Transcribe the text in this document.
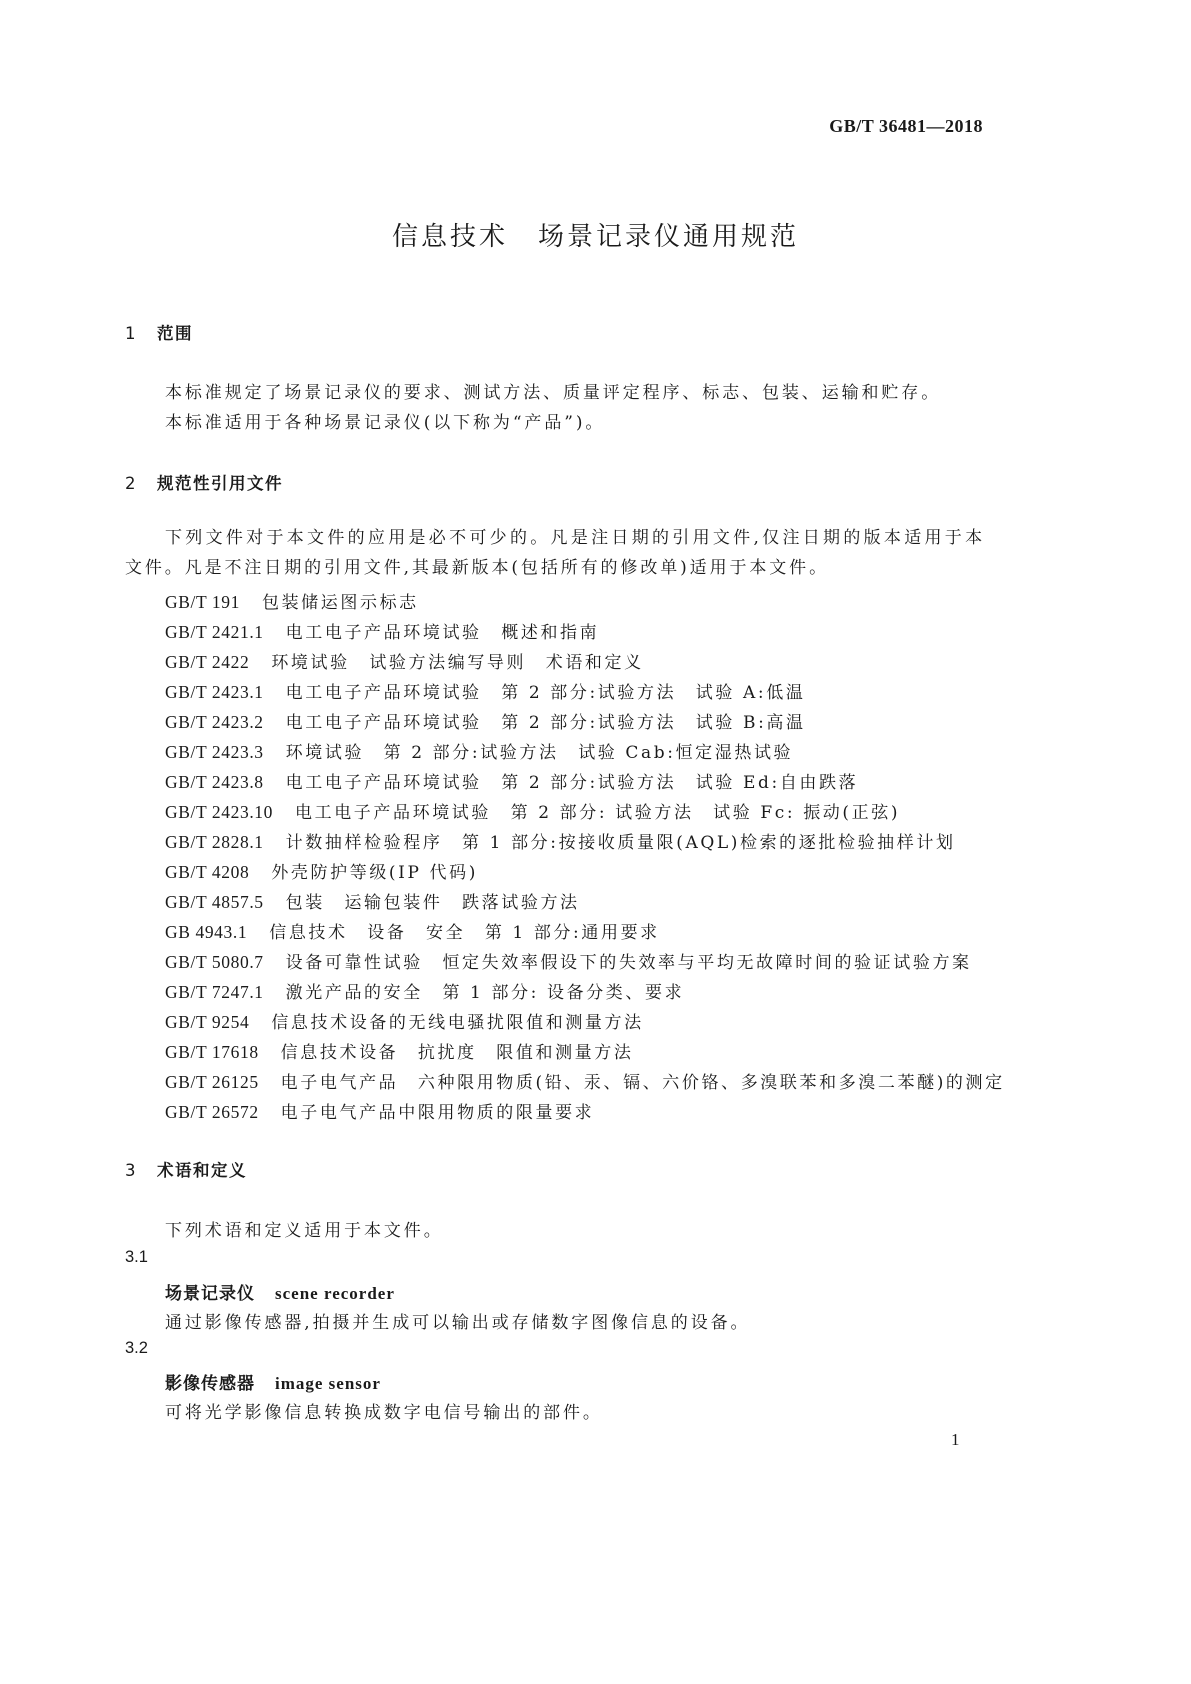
GB/T 36481—2018
信息技术 场景记录仪通用规范
1 范围
本标准规定了场景记录仪的要求、测试方法、质量评定程序、标志、包装、运输和贮存。
本标准适用于各种场景记录仪(以下称为“产品”)。
2 规范性引用文件
下列文件对于本文件的应用是必不可少的。凡是注日期的引用文件,仅注日期的版本适用于本文件。凡是不注日期的引用文件,其最新版本(包括所有的修改单)适用于本文件。
GB/T 191 包装储运图示标志
GB/T 2421.1 电工电子产品环境试验　概述和指南
GB/T 2422 环境试验　试验方法编写导则　术语和定义
GB/T 2423.1 电工电子产品环境试验　第 2 部分:试验方法　试验 A:低温
GB/T 2423.2 电工电子产品环境试验　第 2 部分:试验方法　试验 B:高温
GB/T 2423.3 环境试验　第 2 部分:试验方法　试验 Cab:恒定湿热试验
GB/T 2423.8 电工电子产品环境试验　第 2 部分:试验方法　试验 Ed:自由跌落
GB/T 2423.10 电工电子产品环境试验　第 2 部分: 试验方法　试验 Fc: 振动(正弦)
GB/T 2828.1 计数抽样检验程序　第 1 部分:按接收质量限(AQL)检索的逐批检验抽样计划
GB/T 4208 外壳防护等级(IP 代码)
GB/T 4857.5 包装　运输包装件　跌落试验方法
GB 4943.1 信息技术　设备　安全　第 1 部分:通用要求
GB/T 5080.7 设备可靠性试验　恒定失效率假设下的失效率与平均无故障时间的验证试验方案
GB/T 7247.1 激光产品的安全　第 1 部分: 设备分类、要求
GB/T 9254 信息技术设备的无线电骚扰限值和测量方法
GB/T 17618 信息技术设备　抗扰度　限值和测量方法
GB/T 26125 电子电气产品　六种限用物质(铅、汞、镉、六价铬、多溴联苯和多溴二苯醚)的测定
GB/T 26572 电子电气产品中限用物质的限量要求
3 术语和定义
下列术语和定义适用于本文件。
3.1
场景记录仪 scene recorder
通过影像传感器,拍摄并生成可以输出或存储数字图像信息的设备。
3.2
影像传感器 image sensor
可将光学影像信息转换成数字电信号输出的部件。
1
